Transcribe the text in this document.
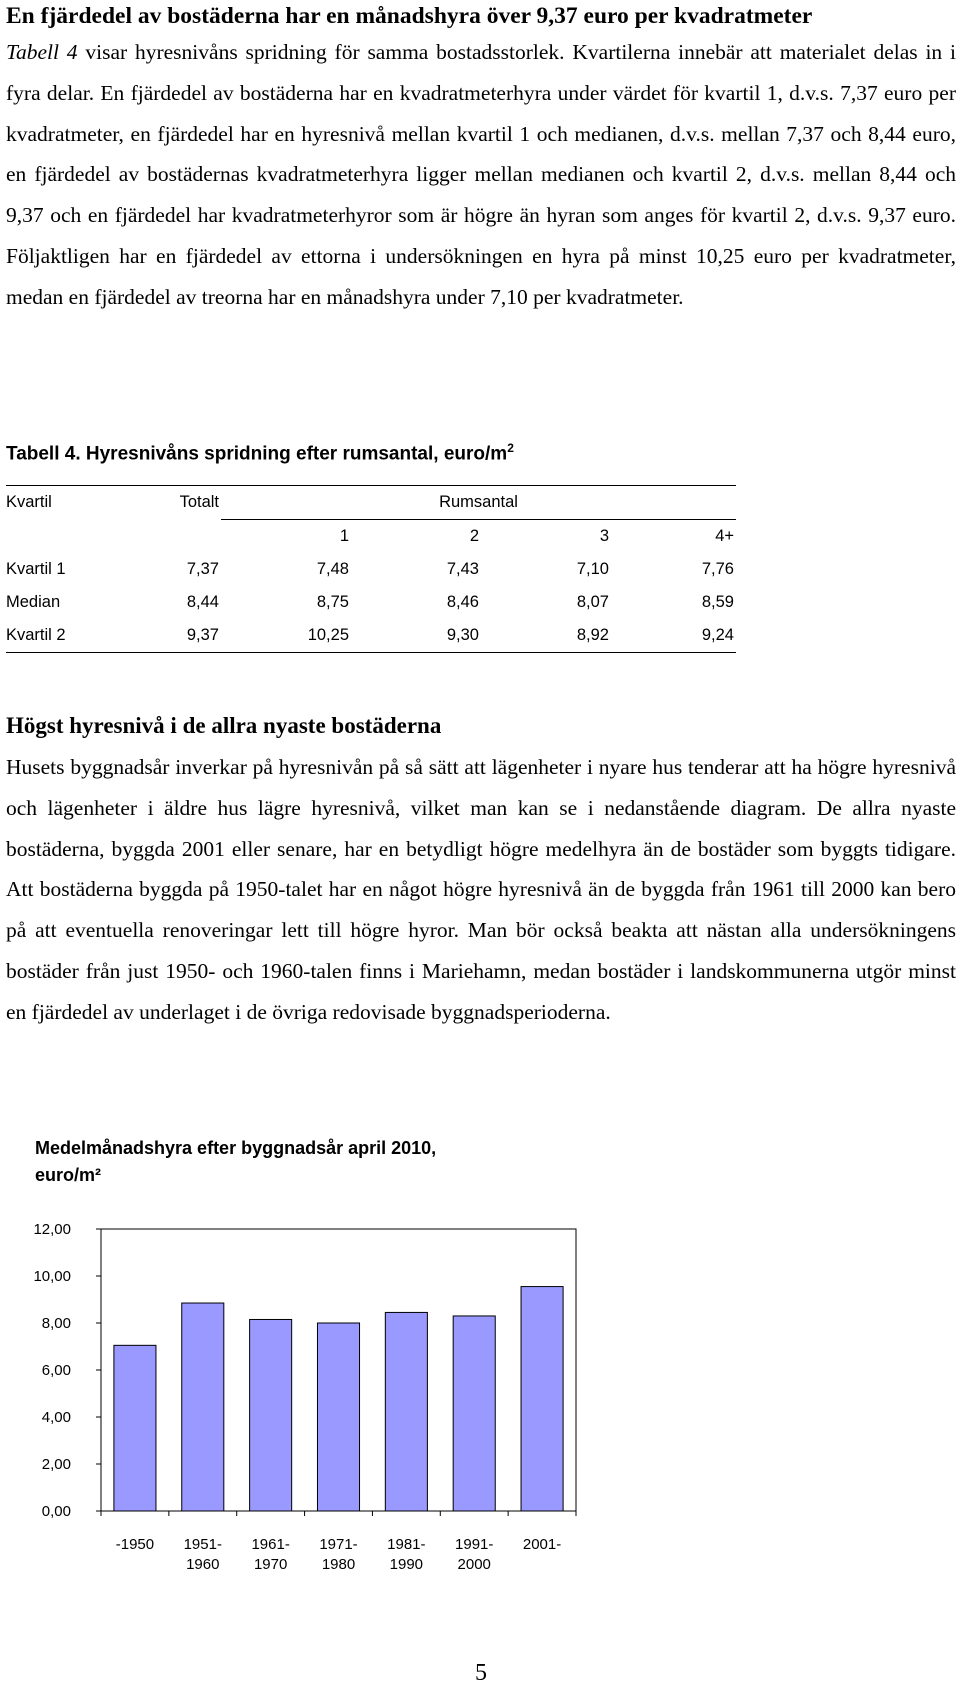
En fjärdedel av bostäderna har en månadshyra över 9,37 euro per kvadratmeter

Tabell 4 visar hyresnivåns spridning för samma bostadsstorlek. Kvartilerna innebär att materialet delas in i fyra delar. En fjärdedel av bostäderna har en kvadratmeterhyra under värdet för kvartil 1, d.v.s. 7,37 euro per kvadratmeter, en fjärdedel har en hyresnivå mellan kvartil 1 och medianen, d.v.s. mellan 7,37 och 8,44 euro, en fjärdedel av bostädernas kvadratmeterhyra ligger mellan medianen och kvartil 2, d.v.s. mellan 8,44 och 9,37 och en fjärdedel har kvadratmeterhyror som är högre än hyran som anges för kvartil 2, d.v.s. 9,37 euro. Följaktligen har en fjärdedel av ettorna i undersökningen en hyra på minst 10,25 euro per kvadratmeter, medan en fjärdedel av treorna har en månadshyra under 7,10 per kvadratmeter.

Tabell 4. Hyresnivåns spridning efter rumsantal, euro/$m^2$
Kvartil	Totalt	Rumsantal			
		1	2	3	4+
Kvartil 1	7,37	7,48	7,43	7,10	7,76
Median	8,44	8,75	8,46	8,07	8,59
Kvartil 2	9,37	10,25	9,30	8,92	9,24
Högst hyresnivå i de allra nyaste bostäderna

Husets byggnadsår inverkar på hyresnivån på så sätt att lägenheter i nyare hus tenderar att ha högre hyresnivå och lägenheter i äldre hus lägre hyresnivå, vilket man kan se i nedanstående diagram. De allra nyaste bostäderna, byggda 2001 eller senare, har en betydligt högre medelhyra än de bostäder som byggts tidigare. Att bostäderna byggda på 1950-talet har en något högre hyresnivå än de byggda från 1961 till 2000 kan bero på att eventuella renoveringar lett till högre hyror. Man bör också beakta att nästan alla undersökningens bostäder från just 1950- och 1960-talen finns i Mariehamn, medan bostäder i landskommunerna utgör minst en fjärdedel av underlaget i de övriga redovisade byggnadsperioderna.

Medelmånadshyra efter byggnadsår april 2010, euro/m²
0,00
2,00
4,00
6,00
8,00
10,00
12,00
-1950 1951-
1960
1961-
1970
1971-
1980
1981-
1990
1991-
2000
2001-
5
